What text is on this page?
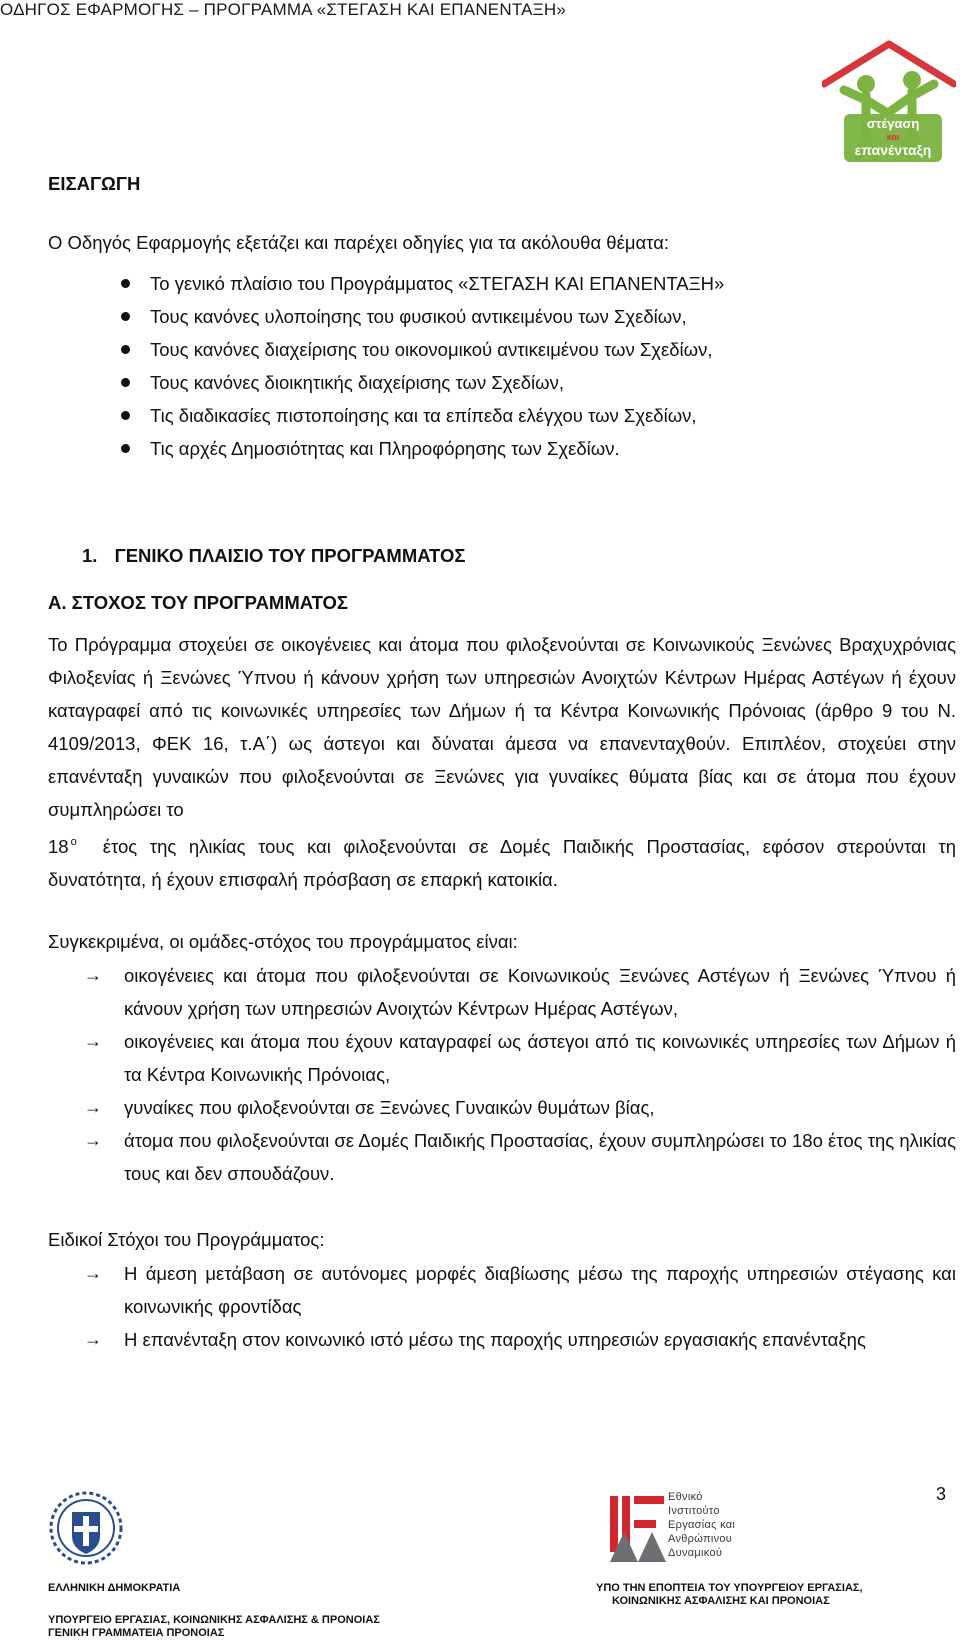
ΟΔΗΓΟΣ ΕΦΑΡΜΟΓΗΣ – ΠΡΟΓΡΑΜΜΑ «ΣΤΕΓΑΣΗ ΚΑΙ ΕΠΑΝΕΝΤΑΞΗ»
στέγαση
και
επανένταξη
ΕΙΣΑΓΩΓΗ
Ο Οδηγός Εφαρμογής εξετάζει και παρέχει οδηγίες για τα ακόλουθα θέματα:
Το γενικό πλαίσιο του Προγράμματος «ΣΤΕΓΑΣΗ ΚΑΙ ΕΠΑΝΕΝΤΑΞΗ»
Τους κανόνες υλοποίησης του φυσικού αντικειμένου των Σχεδίων,
Τους κανόνες διαχείρισης του οικονομικού αντικειμένου των Σχεδίων,
Τους κανόνες διοικητικής διαχείρισης των Σχεδίων,
Τις διαδικασίες πιστοποίησης και τα επίπεδα ελέγχου των Σχεδίων,
Τις αρχές Δημοσιότητας και Πληροφόρησης των Σχεδίων.
1. ΓΕΝΙΚΟ ΠΛΑΙΣΙΟ ΤΟΥ ΠΡΟΓΡΑΜΜΑΤΟΣ
Α. ΣΤΟΧΟΣ ΤΟΥ ΠΡΟΓΡΑΜΜΑΤΟΣ
Το Πρόγραμμα στοχεύει σε οικογένειες και άτομα που φιλοξενούνται σε Κοινωνικούς Ξενώνες Βραχυχρόνιας Φιλοξενίας ή Ξενώνες Ύπνου ή κάνουν χρήση των υπηρεσιών Ανοιχτών Κέντρων Ημέρας Αστέγων ή έχουν καταγραφεί από τις κοινωνικές υπηρεσίες των Δήμων ή τα Κέντρα Κοινωνικής Πρόνοιας (άρθρο 9 του Ν. 4109/2013, ΦΕΚ 16, τ.Α΄) ως άστεγοι και δύναται άμεσα να επανενταχθούν. Επιπλέον, στοχεύει στην επανένταξη γυναικών που φιλοξενούνται σε Ξενώνες για γυναίκες θύματα βίας και σε άτομα που έχουν συμπληρώσει το
18 $^o$ έτος της ηλικίας τους και φιλοξενούνται σε Δομές Παιδικής Προστασίας, εφόσον στερούνται τη δυνατότητα, ή έχουν επισφαλή πρόσβαση σε επαρκή κατοικία.
Συγκεκριμένα, οι ομάδες-στόχος του προγράμματος είναι:
→ οικογένειες και άτομα που φιλοξενούνται σε Κοινωνικούς Ξενώνες Αστέγων ή Ξενώνες Ύπνου ή κάνουν χρήση των υπηρεσιών Ανοιχτών Κέντρων Ημέρας Αστέγων,
→ οικογένειες και άτομα που έχουν καταγραφεί ως άστεγοι από τις κοινωνικές υπηρεσίες των Δήμων ή τα Κέντρα Κοινωνικής Πρόνοιας,
→ γυναίκες που φιλοξενούνται σε Ξενώνες Γυναικών θυμάτων βίας,
→ άτομα που φιλοξενούνται σε Δομές Παιδικής Προστασίας, έχουν συμπληρώσει το 18ο έτος της ηλικίας τους και δεν σπουδάζουν.
Ειδικοί Στόχοι του Προγράμματος:
→ Η άμεση μετάβαση σε αυτόνομες μορφές διαβίωσης μέσω της παροχής υπηρεσιών στέγασης και κοινωνικής φροντίδας
→ Η επανένταξη στον κοινωνικό ιστό μέσω της παροχής υπηρεσιών εργασιακής επανένταξης
3
ΕΛΛΗΝΙΚΗ ΔΗΜΟΚΡΑΤΙΑ
ΥΠΟΥΡΓΕΙΟ ΕΡΓΑΣΙΑΣ, ΚΟΙΝΩΝΙΚΗΣ ΑΣΦΑΛΙΣΗΣ & ΠΡΟΝΟΙΑΣ
ΓΕΝΙΚΗ ΓΡΑΜΜΑΤΕΙΑ ΠΡΟΝΟΙΑΣ
ΕΙΕΑΔ	Εθνικό
Ινστιτούτο
Εργασίας και
Ανθρώπινου
Δυναμικού
ΥΠΟ ΤΗΝ ΕΠΟΠΤΕΙΑ ΤΟΥ ΥΠΟΥΡΓΕΙΟΥ ΕΡΓΑΣΙΑΣ,
ΚΟΙΝΩΝΙΚΗΣ ΑΣΦΑΛΙΣΗΣ ΚΑΙ ΠΡΟΝΟΙΑΣ
